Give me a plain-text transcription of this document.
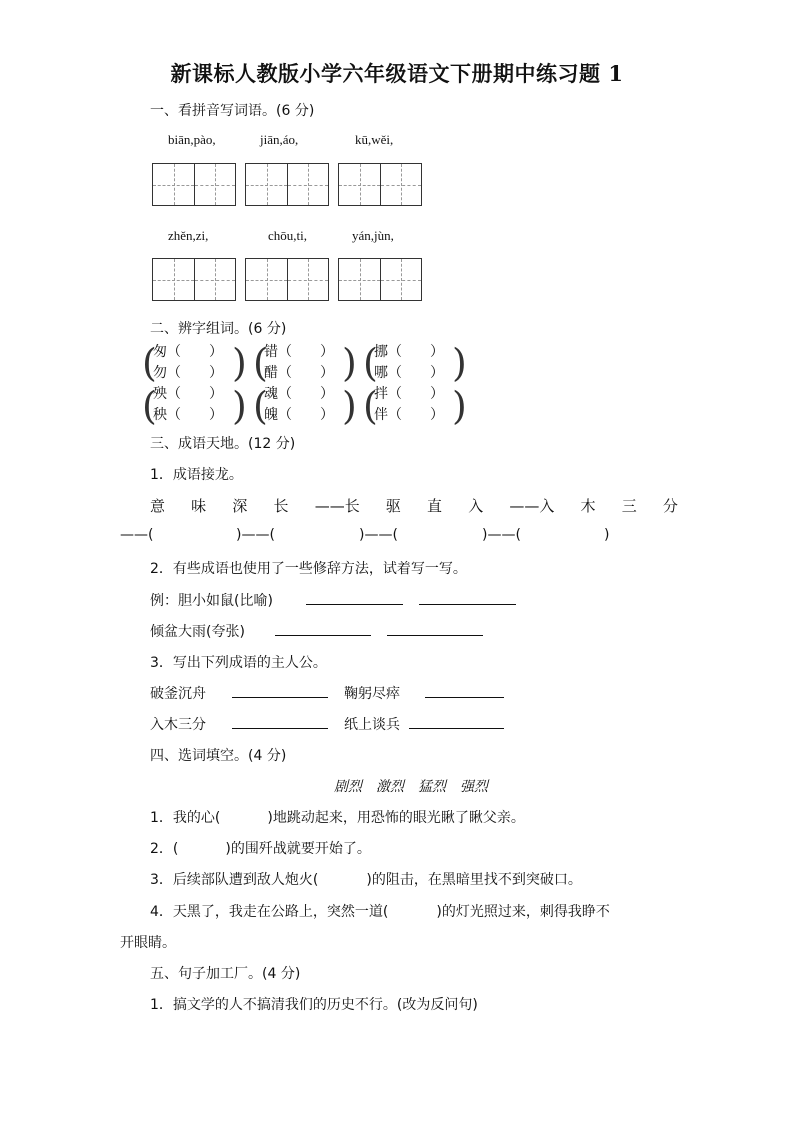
新课标人教版小学六年级语文下册期中练习题 1
一、看拼音写词语。(6 分)
biān,pào,	jiān,áo,	kū,wěi,
zhěn,zi,	chōu,ti,	yán,jùn,
二、辨字组词。(6 分)
(
匆（　　）
勿（　　） ) (
错（　　）
醋（　　） ) (
挪（　　）
哪（　　） )
(
殃（　　）
秧（　　） ) (
魂（　　）
魄（　　） ) (
拌（　　）
伴（　　） )
三、成语天地。(12 分)
1．成语接龙。
意 味 深 长 ——长 驱 直 入 ——入 木 三 分
——(	)——(	)——(	)——(	)
2．有些成语也使用了一些修辞方法，试着写一写。
例：胆小如鼠(比喻)
倾盆大雨(夸张)
3．写出下列成语的主人公。
破釜沉舟	鞠躬尽瘁
入木三分	纸上谈兵
四、选词填空。(4 分)
剧烈　激烈　猛烈　强烈
1．我的心(	)地跳动起来，用恐怖的眼光瞅了瞅父亲。
2．(	)的围歼战就要开始了。
3．后续部队遭到敌人炮火(	)的阻击，在黑暗里找不到突破口。
4．天黑了，我走在公路上，突然一道(	)的灯光照过来，刺得我睁不
开眼睛。
五、句子加工厂。(4 分)
1．搞文学的人不搞清我们的历史不行。(改为反问句)
